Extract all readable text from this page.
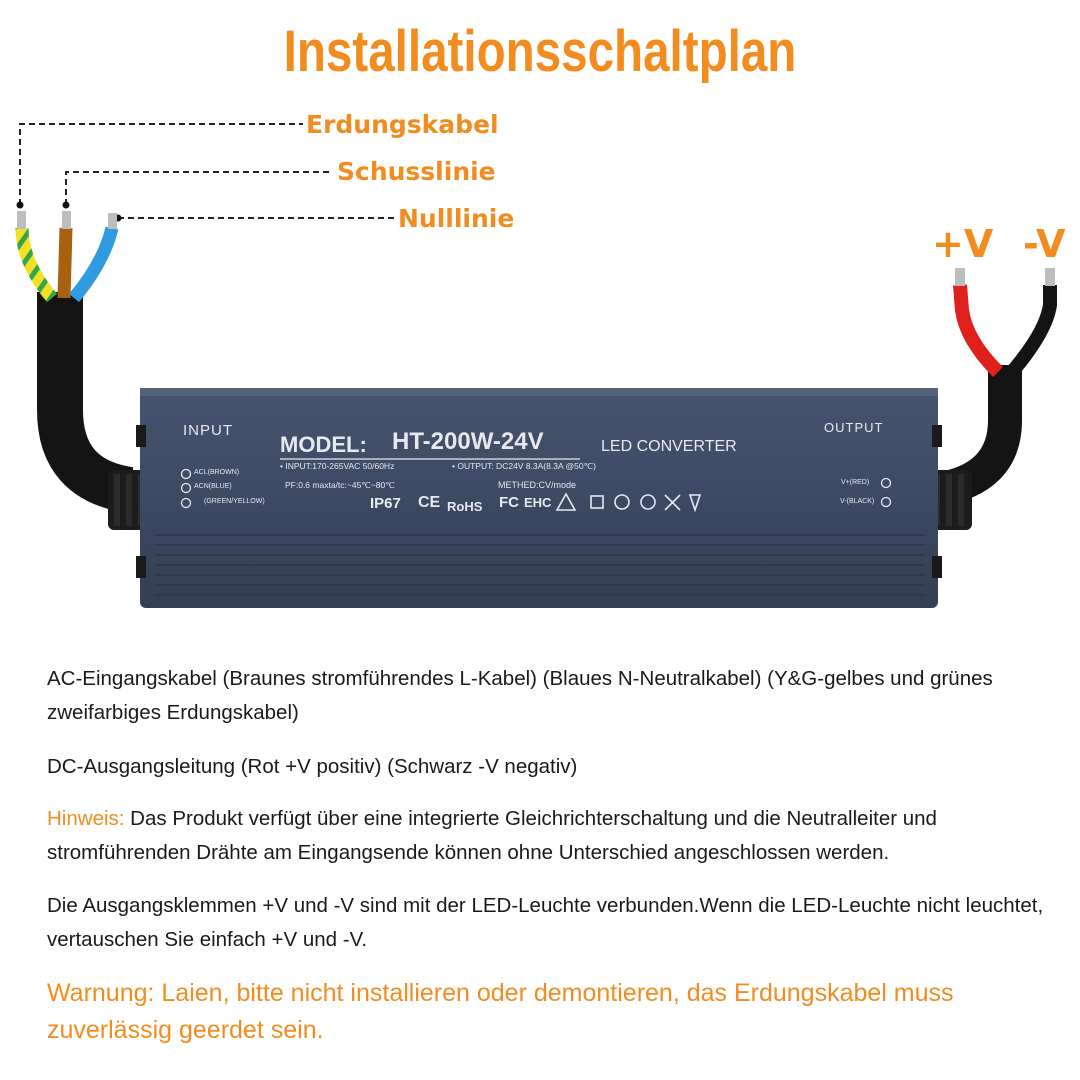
Installationsschaltplan
Erdungskabel
Schusslinie
Nulllinie
+V -V
INPUT	OUTPUT
MODEL: HT-200W-24V	LED CONVERTER
• INPUT:170-265VAC 50/60Hz	• OUTPUT: DC24V 8.3A(8.3A @50℃)
PF:0.6 maxta/tc:~45℃~80℃	METHED:CV/mode
ACL(BROWN)
ACN(BLUE)
(GREEN/YELLOW)
V+(RED)
V-(BLACK)
IP67 CE RoHS FC EHC
AC-Eingangskabel (Braunes stromführendes L-Kabel) (Blaues N-Neutralkabel) (Y&G-gelbes und grünes zweifarbiges Erdungskabel)
DC-Ausgangsleitung (Rot +V positiv) (Schwarz -V negativ)
Hinweis: Das Produkt verfügt über eine integrierte Gleichrichterschaltung und die Neutralleiter und stromführenden Drähte am Eingangsende können ohne Unterschied angeschlossen werden.
Die Ausgangsklemmen +V und -V sind mit der LED-Leuchte verbunden.Wenn die LED-Leuchte nicht leuchtet, vertauschen Sie einfach +V und -V.
Warnung: Laien, bitte nicht installieren oder demontieren, das Erdungskabel muss zuverlässig geerdet sein.
